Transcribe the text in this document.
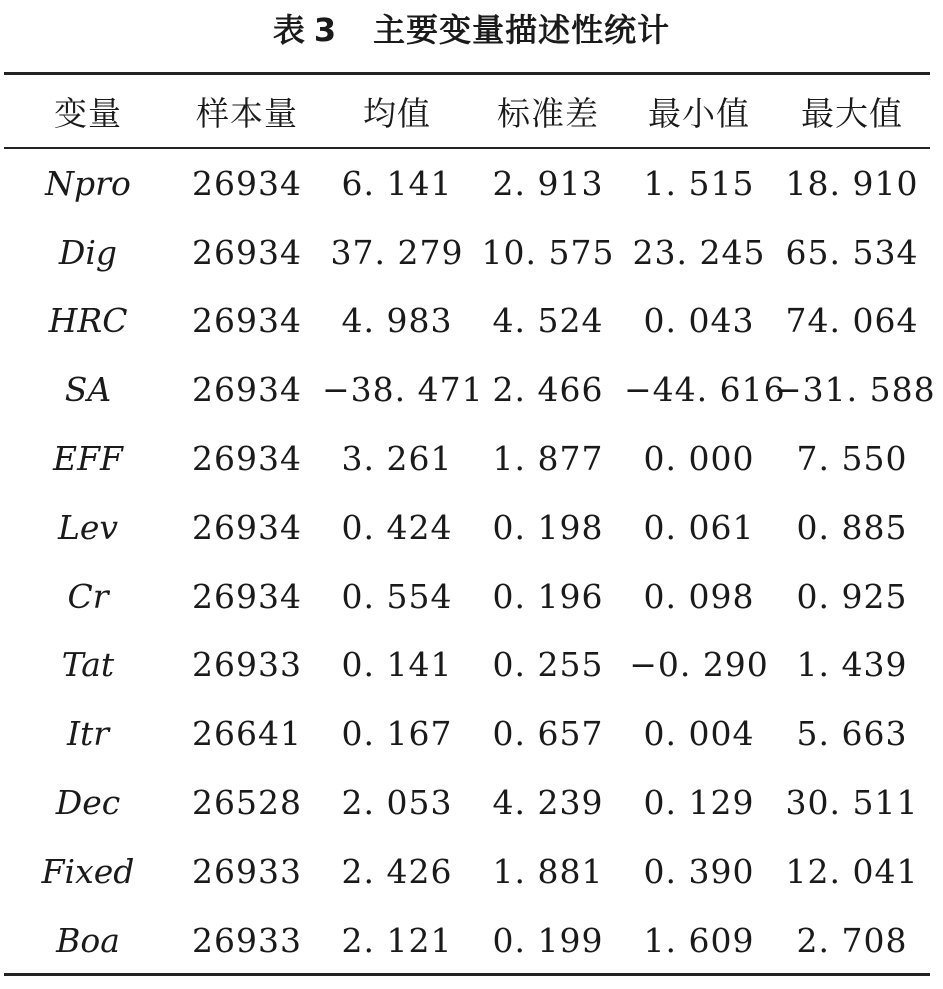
表 3 主要变量描述性统计
变量	样本量	均值	标准差	最小值	最大值
Npro	26934	6. 141	2. 913	1. 515	18. 910
Dig	26934	37. 279	10. 575	23. 245	65. 534
HRC	26934	4. 983	4. 524	0. 043	74. 064
SA	26934	−38. 471	2. 466	−44. 616	−31. 588
EFF	26934	3. 261	1. 877	0. 000	7. 550
Lev	26934	0. 424	0. 198	0. 061	0. 885
Cr	26934	0. 554	0. 196	0. 098	0. 925
Tat	26933	0. 141	0. 255	−0. 290	1. 439
Itr	26641	0. 167	0. 657	0. 004	5. 663
Dec	26528	2. 053	4. 239	0. 129	30. 511
Fixed	26933	2. 426	1. 881	0. 390	12. 041
Boa	26933	2. 121	0. 199	1. 609	2. 708
